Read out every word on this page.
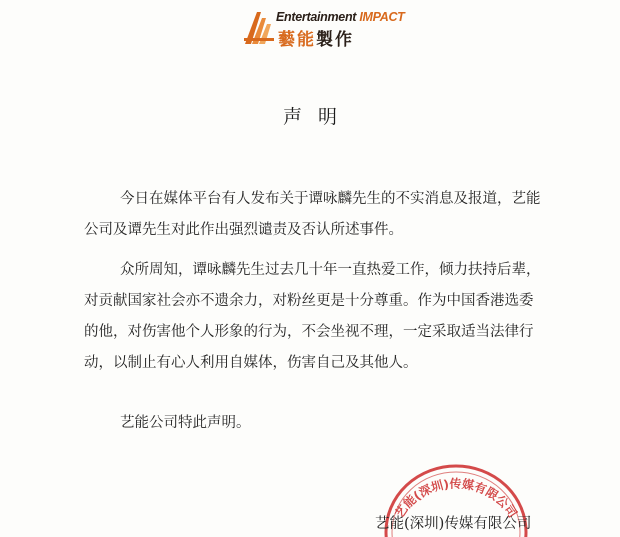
Entertainment IMPACT
藝能製作
声明
今日在媒体平台有人发布关于谭咏麟先生的不实消息及报道，艺能公司及谭先生对此作出强烈谴责及否认所述事件。
众所周知，谭咏麟先生过去几十年一直热爱工作，倾力扶持后辈，对贡献国家社会亦不遗余力，对粉丝更是十分尊重。作为中国香港选委的他，对伤害他个人形象的行为，不会坐视不理，一定采取适当法律行动，以制止有心人利用自媒体，伤害自己及其他人。
艺能公司特此声明。
艺能(深圳)传媒有限公司
艺能(深圳)传媒有限公司
